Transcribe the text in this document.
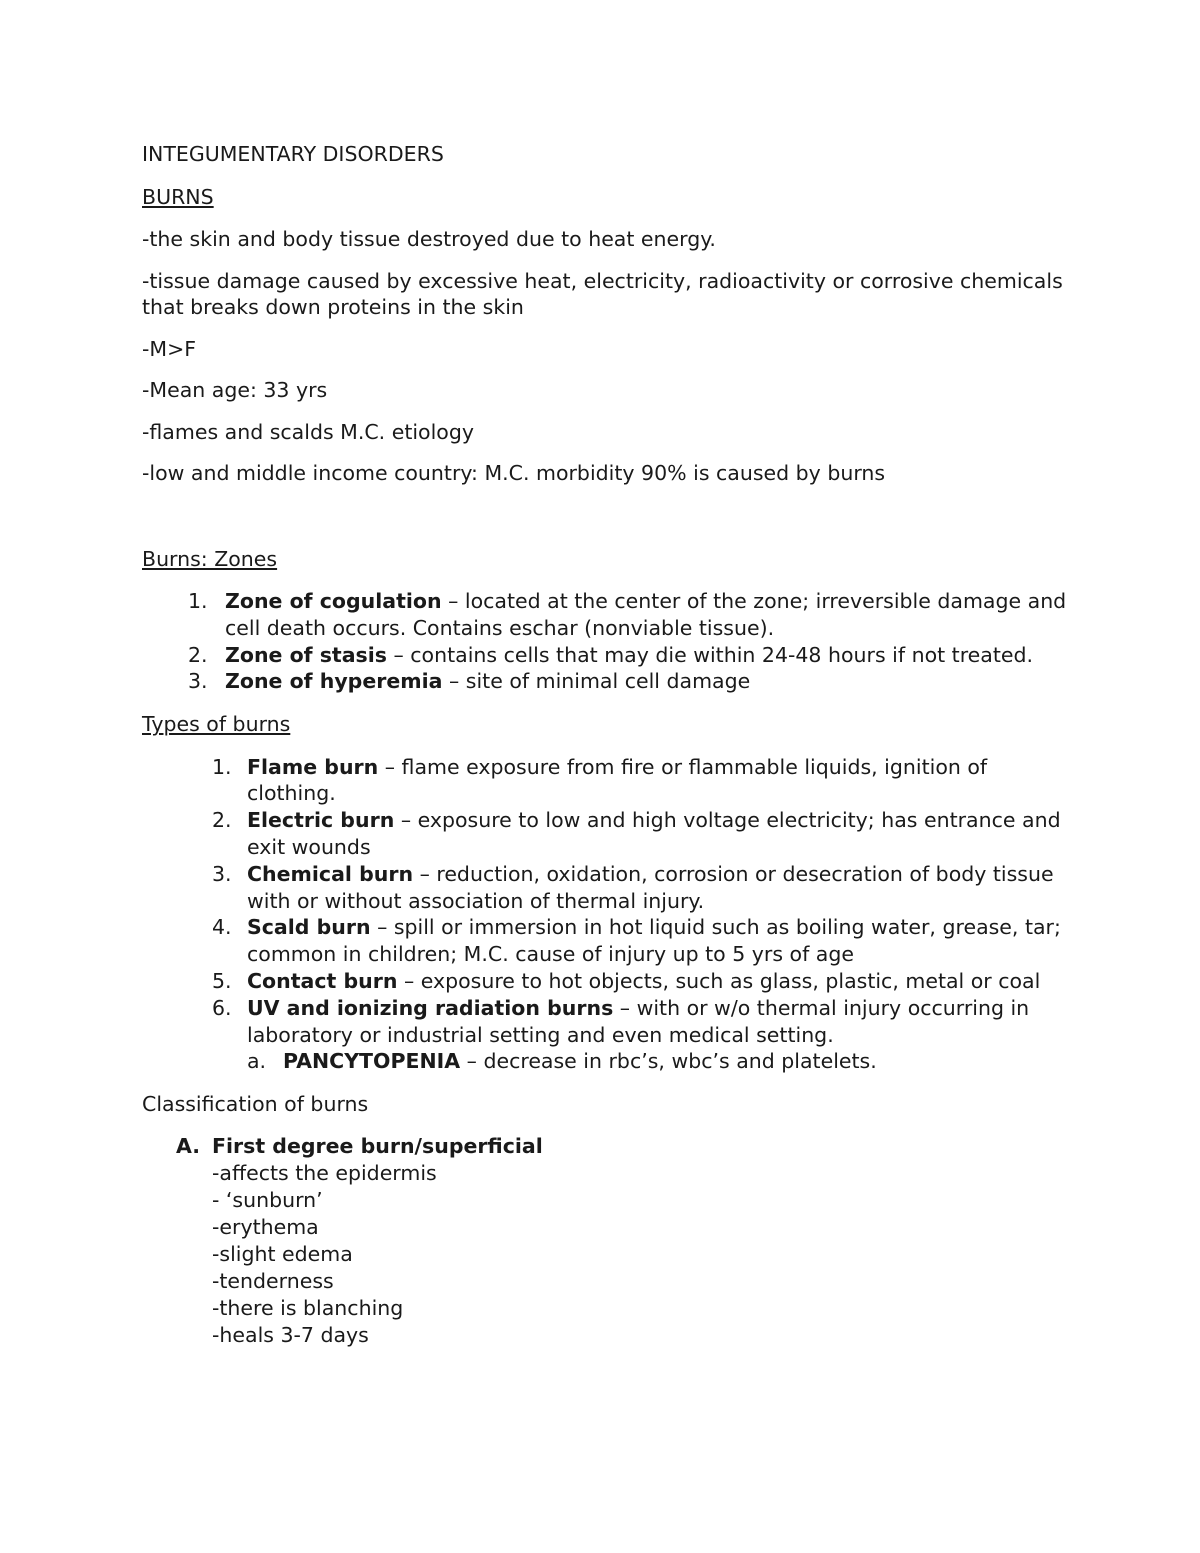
INTEGUMENTARY DISORDERS

BURNS

-the skin and body tissue destroyed due to heat energy.

-tissue damage caused by excessive heat, electricity, radioactivity or corrosive chemicals that breaks down proteins in the skin

-M>F

-Mean age: 33 yrs

-flames and scalds M.C. etiology

-low and middle income country: M.C. morbidity 90% is caused by burns

Burns: Zones

1. Zone of cogulation – located at the center of the zone; irreversible damage and cell death occurs. Contains eschar (nonviable tissue).
2. Zone of stasis – contains cells that may die within 24-48 hours if not treated.
3. Zone of hyperemia – site of minimal cell damage

Types of burns

1. Flame burn – flame exposure from fire or flammable liquids, ignition of clothing.
2. Electric burn – exposure to low and high voltage electricity; has entrance and exit wounds
3. Chemical burn – reduction, oxidation, corrosion or desecration of body tissue with or without association of thermal injury.
4. Scald burn – spill or immersion in hot liquid such as boiling water, grease, tar; common in children; M.C. cause of injury up to 5 yrs of age
5. Contact burn – exposure to hot objects, such as glass, plastic, metal or coal
6. UV and ionizing radiation burns – with or w/o thermal injury occurring in laboratory or industrial setting and even medical setting.
a. PANCYTOPENIA – decrease in rbc’s, wbc’s and platelets.

Classification of burns

A. First degree burn/superficial

-affects the epidermis

- ‘sunburn’

-erythema

-slight edema

-tenderness

-there is blanching

-heals 3-7 days
